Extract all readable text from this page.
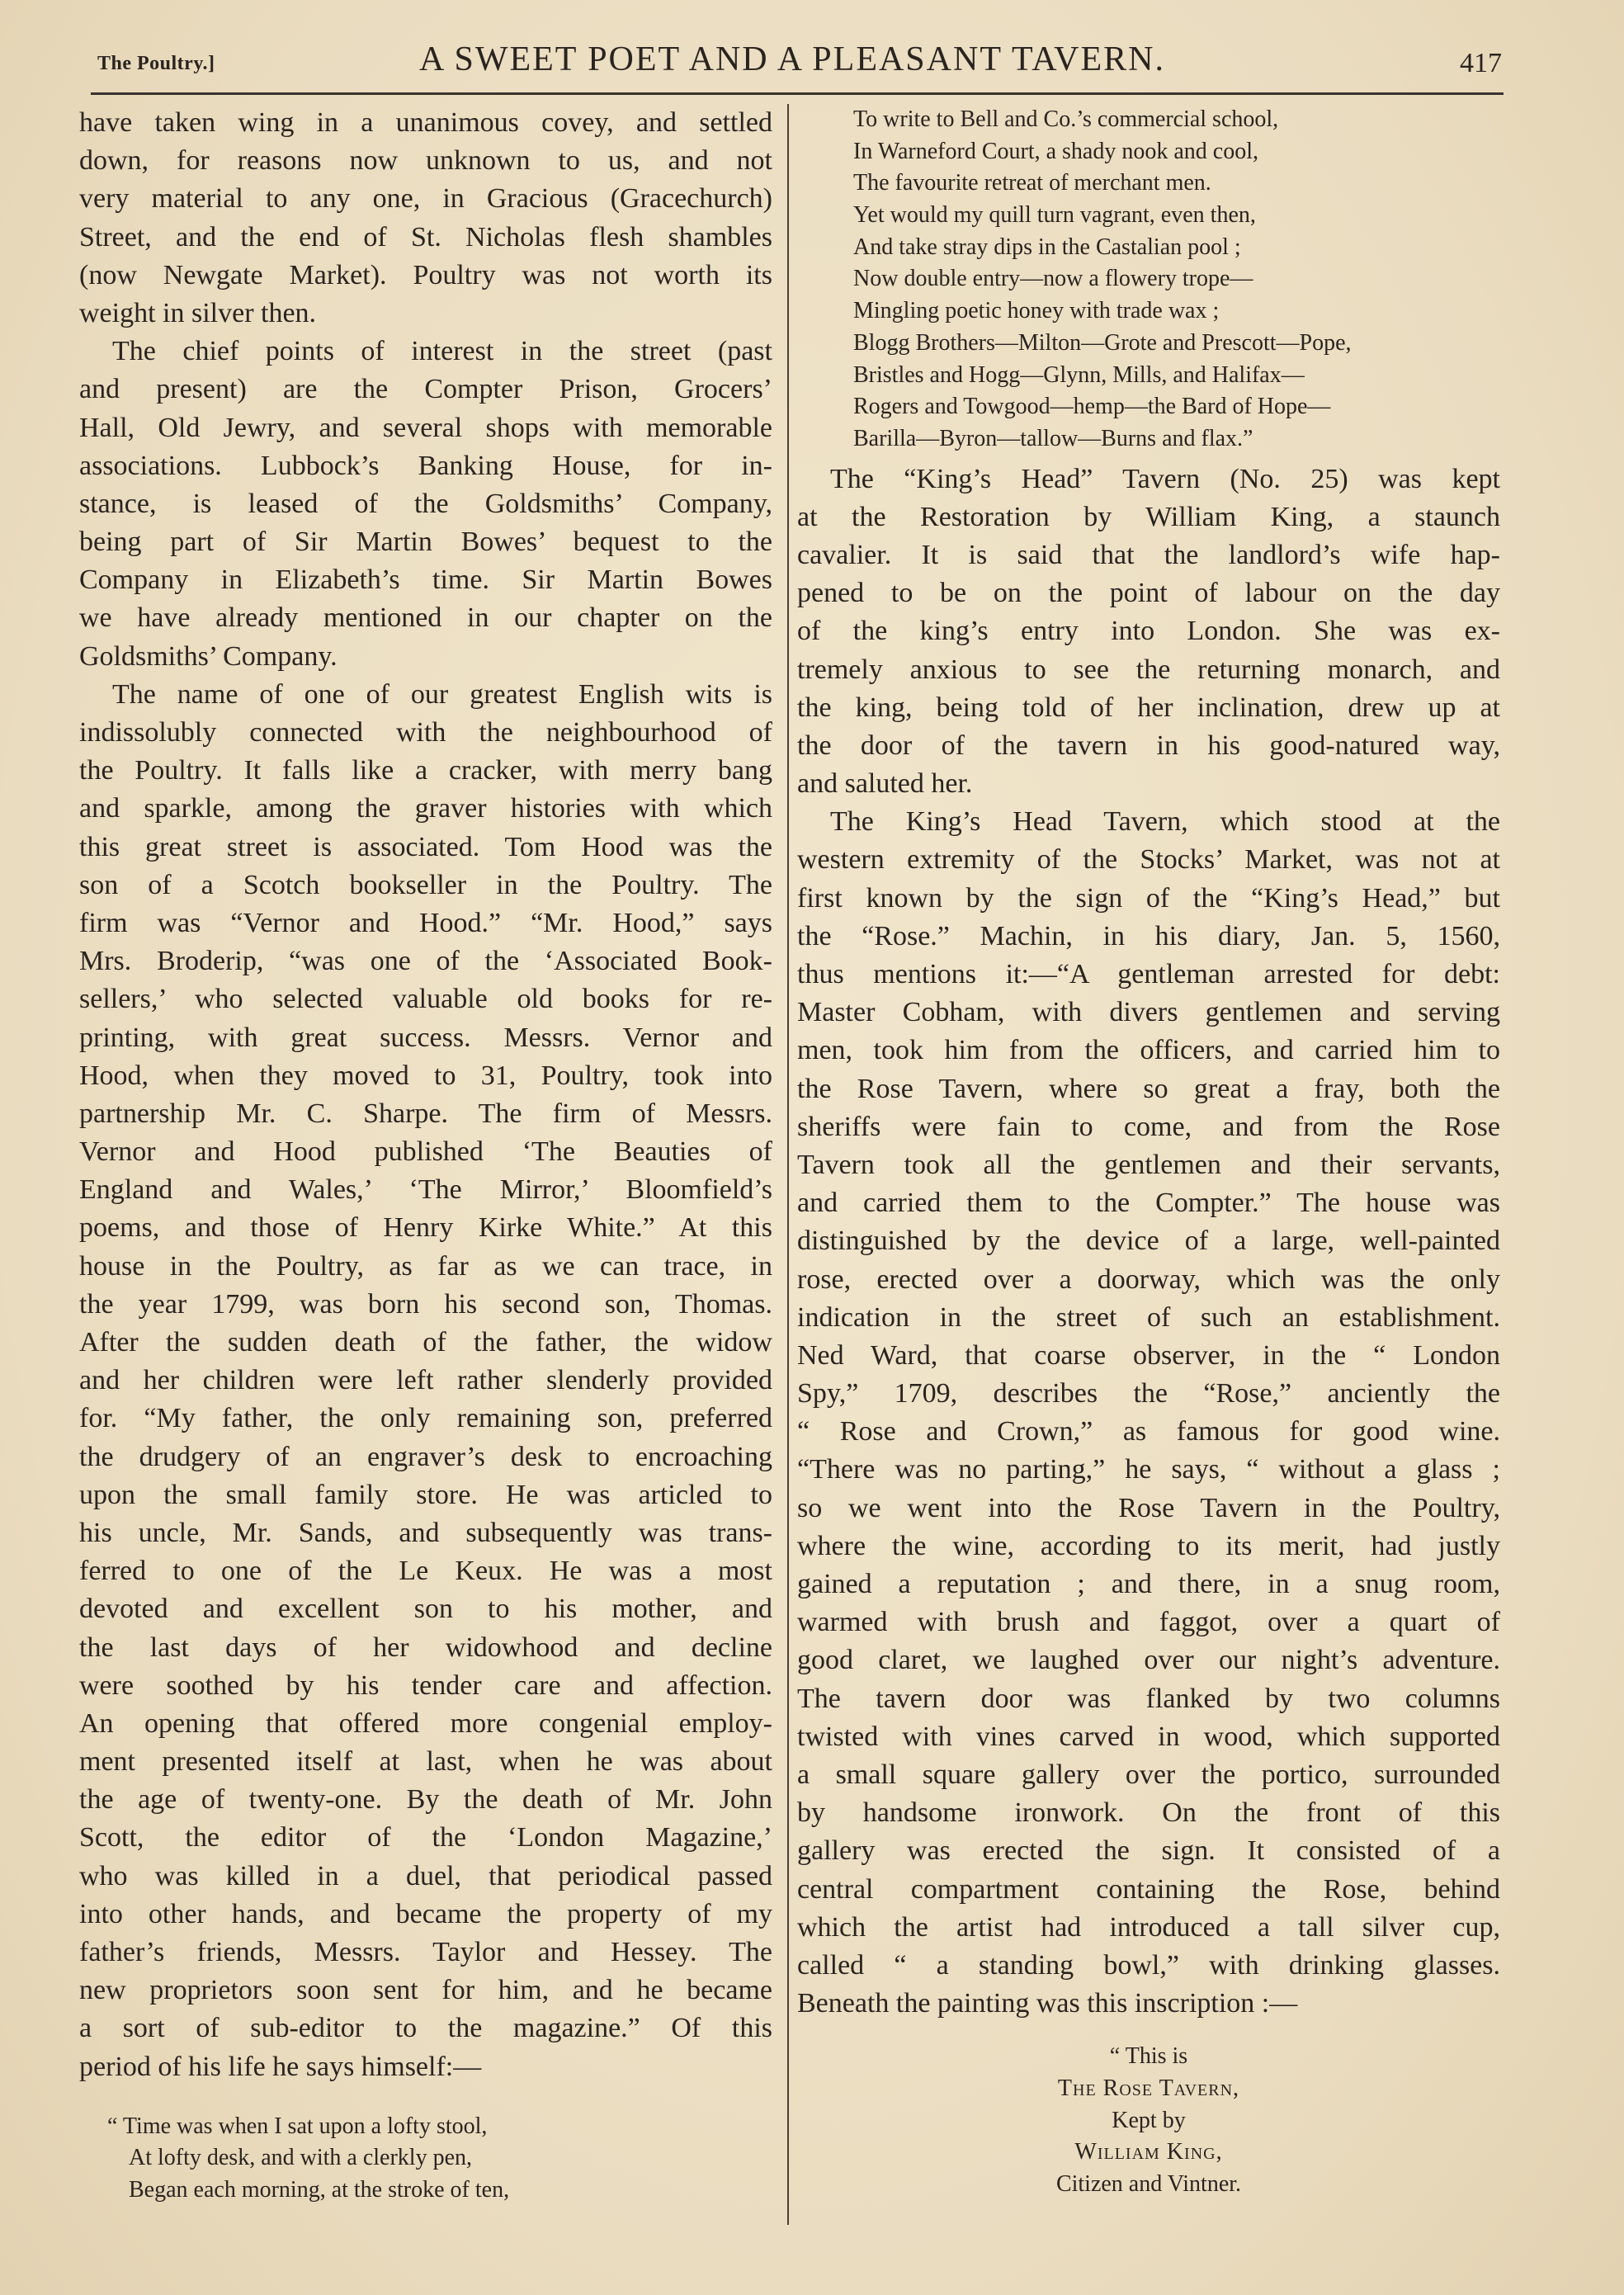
The Poultry.]	A SWEET POET AND A PLEASANT TAVERN.	417
have taken wing in a unanimous covey, and settled
down, for reasons now unknown to us, and not
very material to any one, in Gracious (Gracechurch)
Street, and the end of St. Nicholas flesh shambles
(now Newgate Market). Poultry was not worth its
weight in silver then.
The chief points of interest in the street (past
and present) are the Compter Prison, Grocers’
Hall, Old Jewry, and several shops with memorable
associations. Lubbock’s Banking House, for in-
stance, is leased of the Goldsmiths’ Company,
being part of Sir Martin Bowes’ bequest to the
Company in Elizabeth’s time. Sir Martin Bowes
we have already mentioned in our chapter on the
Goldsmiths’ Company.
The name of one of our greatest English wits is
indissolubly connected with the neighbourhood of
the Poultry. It falls like a cracker, with merry bang
and sparkle, among the graver histories with which
this great street is associated. Tom Hood was the
son of a Scotch bookseller in the Poultry. The
firm was “Vernor and Hood.” “Mr. Hood,” says
Mrs. Broderip, “was one of the ‘Associated Book-
sellers,’ who selected valuable old books for re-
printing, with great success. Messrs. Vernor and
Hood, when they moved to 31, Poultry, took into
partnership Mr. C. Sharpe. The firm of Messrs.
Vernor and Hood published ‘The Beauties of
England and Wales,’ ‘The Mirror,’ Bloomfield’s
poems, and those of Henry Kirke White.” At this
house in the Poultry, as far as we can trace, in
the year 1799, was born his second son, Thomas.
After the sudden death of the father, the widow
and her children were left rather slenderly provided
for. “My father, the only remaining son, preferred
the drudgery of an engraver’s desk to encroaching
upon the small family store. He was articled to
his uncle, Mr. Sands, and subsequently was trans-
ferred to one of the Le Keux. He was a most
devoted and excellent son to his mother, and
the last days of her widowhood and decline
were soothed by his tender care and affection.
An opening that offered more congenial employ-
ment presented itself at last, when he was about
the age of twenty-one. By the death of Mr. John
Scott, the editor of the ‘London Magazine,’
who was killed in a duel, that periodical passed
into other hands, and became the property of my
father’s friends, Messrs. Taylor and Hessey. The
new proprietors soon sent for him, and he became
a sort of sub-editor to the magazine.” Of this
period of his life he says himself:—
“ Time was when I sat upon a lofty stool,
At lofty desk, and with a clerkly pen,
Began each morning, at the stroke of ten,
To write to Bell and Co.’s commercial school,
In Warneford Court, a shady nook and cool,
The favourite retreat of merchant men.
Yet would my quill turn vagrant, even then,
And take stray dips in the Castalian pool ;
Now double entry—now a flowery trope—
Mingling poetic honey with trade wax ;
Blogg Brothers—Milton—Grote and Prescott—Pope,
Bristles and Hogg—Glynn, Mills, and Halifax—
Rogers and Towgood—hemp—the Bard of Hope—
Barilla—Byron—tallow—Burns and flax.”
The “King’s Head” Tavern (No. 25) was kept
at the Restoration by William King, a staunch
cavalier. It is said that the landlord’s wife hap-
pened to be on the point of labour on the day
of the king’s entry into London. She was ex-
tremely anxious to see the returning monarch, and
the king, being told of her inclination, drew up at
the door of the tavern in his good-natured way,
and saluted her.
The King’s Head Tavern, which stood at the
western extremity of the Stocks’ Market, was not at
first known by the sign of the “King’s Head,” but
the “Rose.” Machin, in his diary, Jan. 5, 1560,
thus mentions it:—“A gentleman arrested for debt:
Master Cobham, with divers gentlemen and serving
men, took him from the officers, and carried him to
the Rose Tavern, where so great a fray, both the
sheriffs were fain to come, and from the Rose
Tavern took all the gentlemen and their servants,
and carried them to the Compter.” The house was
distinguished by the device of a large, well-painted
rose, erected over a doorway, which was the only
indication in the street of such an establishment.
Ned Ward, that coarse observer, in the “ London
Spy,” 1709, describes the “Rose,” anciently the
“ Rose and Crown,” as famous for good wine.
“There was no parting,” he says, “ without a glass ;
so we went into the Rose Tavern in the Poultry,
where the wine, according to its merit, had justly
gained a reputation ; and there, in a snug room,
warmed with brush and faggot, over a quart of
good claret, we laughed over our night’s adventure.
The tavern door was flanked by two columns
twisted with vines carved in wood, which supported
a small square gallery over the portico, surrounded
by handsome ironwork. On the front of this
gallery was erected the sign. It consisted of a
central compartment containing the Rose, behind
which the artist had introduced a tall silver cup,
called “ a standing bowl,” with drinking glasses.
Beneath the painting was this inscription :—
“ This is
The Rose Tavern,
Kept by
William King,
Citizen and Vintner.
